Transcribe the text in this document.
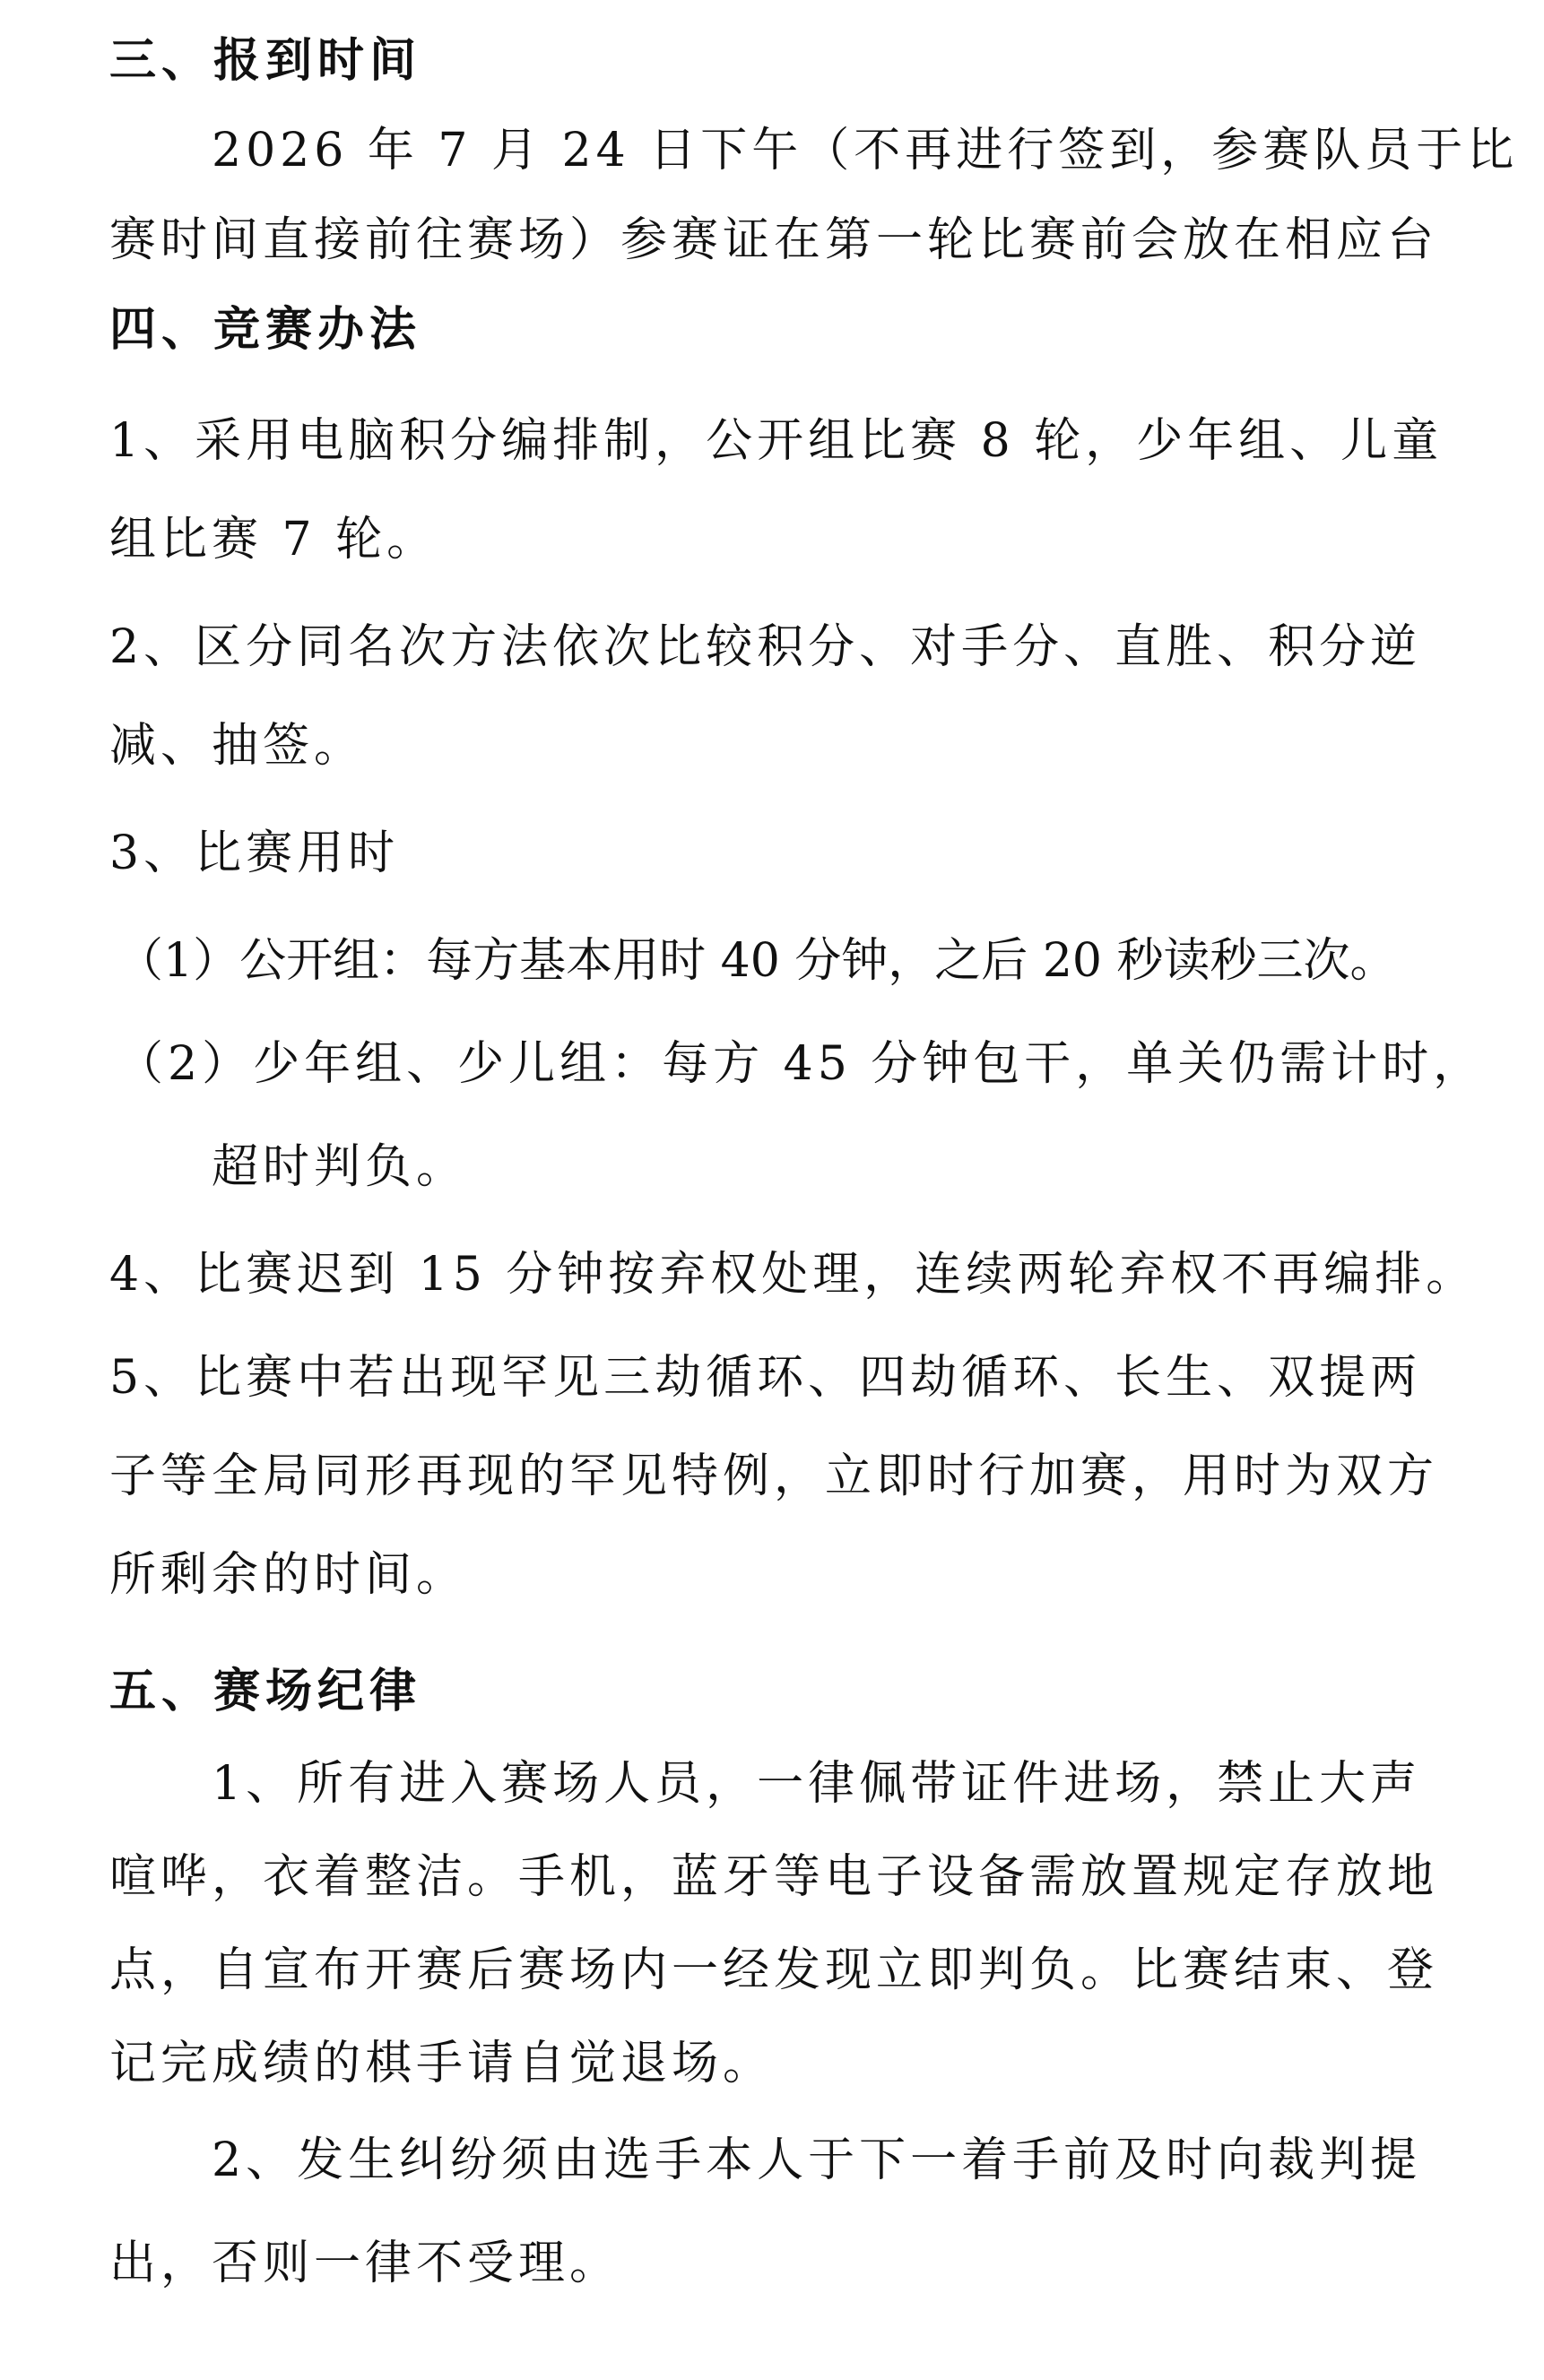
三、报到时间
2026 年 7 月 24 日下午（不再进行签到，参赛队员于比
赛时间直接前往赛场）参赛证在第一轮比赛前会放在相应台
四、竞赛办法
1、采用电脑积分编排制，公开组比赛 8 轮，少年组、儿童
组比赛 7 轮。
2、区分同名次方法依次比较积分、对手分、直胜、积分逆
减、抽签。
3、比赛用时
（1）公开组：每方基本用时 40 分钟，之后 20 秒读秒三次。
（2）少年组、少儿组：每方 45 分钟包干，单关仍需计时，
超时判负。
4、比赛迟到 15 分钟按弃权处理，连续两轮弃权不再编排。
5、比赛中若出现罕见三劫循环、四劫循环、长生、双提两
子等全局同形再现的罕见特例，立即时行加赛，用时为双方
所剩余的时间。
五、赛场纪律
1、所有进入赛场人员，一律佩带证件进场，禁止大声
喧哗，衣着整洁。手机，蓝牙等电子设备需放置规定存放地
点，自宣布开赛后赛场内一经发现立即判负。比赛结束、登
记完成绩的棋手请自觉退场。
2、发生纠纷须由选手本人于下一着手前及时向裁判提
出，否则一律不受理。
